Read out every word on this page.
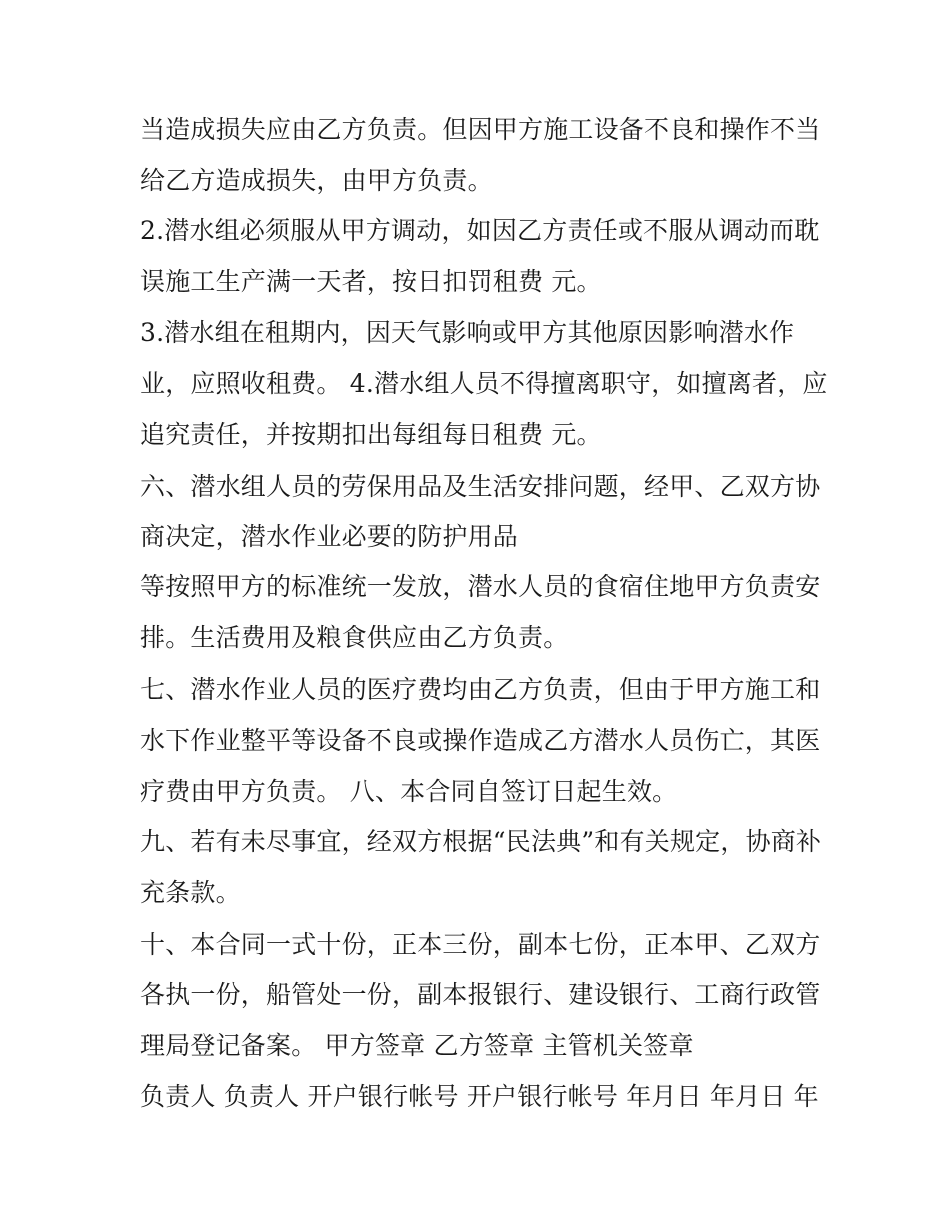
当造成损失应由乙方负责。但因甲方施工设备不良和操作不当
给乙方造成损失，由甲方负责。
2.潜水组必须服从甲方调动，如因乙方责任或不服从调动而耽
误施工生产满一天者，按日扣罚租费 元。
3.潜水组在租期内，因天气影响或甲方其他原因影响潜水作
业，应照收租费。 4.潜水组人员不得擅离职守，如擅离者，应
追究责任，并按期扣出每组每日租费 元。
六、潜水组人员的劳保用品及生活安排问题，经甲、乙双方协
商决定，潜水作业必要的防护用品
等按照甲方的标准统一发放，潜水人员的食宿住地甲方负责安
排。生活费用及粮食供应由乙方负责。
七、潜水作业人员的医疗费均由乙方负责，但由于甲方施工和
水下作业整平等设备不良或操作造成乙方潜水人员伤亡，其医
疗费由甲方负责。 八、本合同自签订日起生效。
九、若有未尽事宜，经双方根据“民法典”和有关规定，协商补
充条款。
十、本合同一式十份，正本三份，副本七份，正本甲、乙双方
各执一份，船管处一份，副本报银行、建设银行、工商行政管
理局登记备案。 甲方签章 乙方签章 主管机关签章
负责人 负责人 开户银行帐号 开户银行帐号 年月日 年月日 年
